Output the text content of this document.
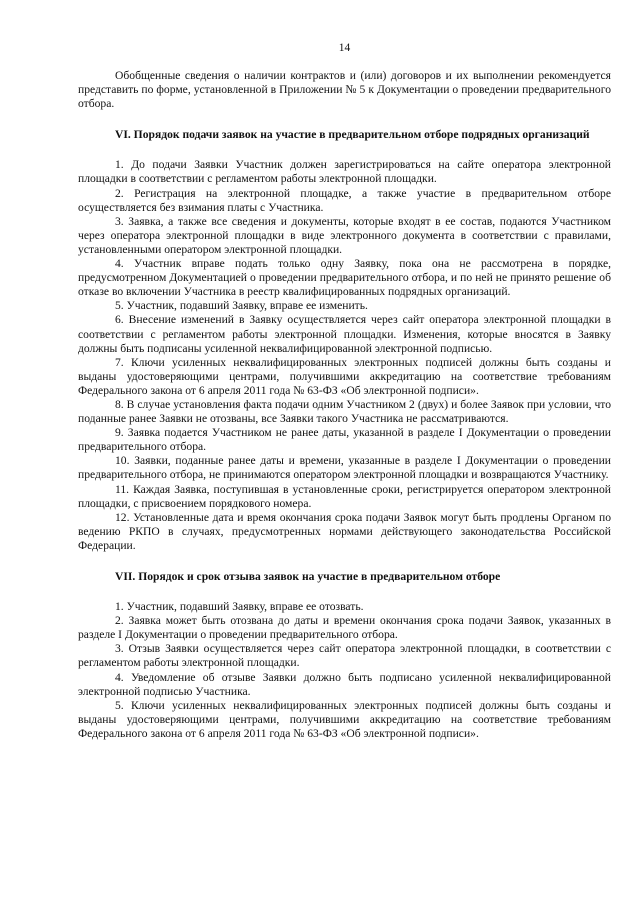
14

Обобщенные сведения о наличии контрактов и (или) договоров и их выполнении рекомендуется представить по форме, установленной в Приложении № 5 к Документации о проведении предварительного отбора.

VI. Порядок подачи заявок на участие в предварительном отборе подрядных организаций

1. До подачи Заявки Участник должен зарегистрироваться на сайте оператора электронной площадки в соответствии с регламентом работы электронной площадки.

2. Регистрация на электронной площадке, а также участие в предварительном отборе осуществляется без взимания платы с Участника.

3. Заявка, а также все сведения и документы, которые входят в ее состав, подаются Участником через оператора электронной площадки в виде электронного документа в соответствии с правилами, установленными оператором электронной площадки.

4. Участник вправе подать только одну Заявку, пока она не рассмотрена в порядке, предусмотренном Документацией о проведении предварительного отбора, и по ней не принято решение об отказе во включении Участника в реестр квалифицированных подрядных организаций.

5. Участник, подавший Заявку, вправе ее изменить.

6. Внесение изменений в Заявку осуществляется через сайт оператора электронной площадки в соответствии с регламентом работы электронной площадки. Изменения, которые вносятся в Заявку должны быть подписаны усиленной неквалифицированной электронной подписью.

7. Ключи усиленных неквалифицированных электронных подписей должны быть созданы и выданы удостоверяющими центрами, получившими аккредитацию на соответствие требованиям Федерального закона от 6 апреля 2011 года № 63-ФЗ «Об электронной подписи».

8. В случае установления факта подачи одним Участником 2 (двух) и более Заявок при условии, что поданные ранее Заявки не отозваны, все Заявки такого Участника не рассматриваются.

9. Заявка подается Участником не ранее даты, указанной в разделе I Документации о проведении предварительного отбора.

10. Заявки, поданные ранее даты и времени, указанные в разделе I Документации о проведении предварительного отбора, не принимаются оператором электронной площадки и возвращаются Участнику.

11. Каждая Заявка, поступившая в установленные сроки, регистрируется оператором электронной площадки, с присвоением порядкового номера.

12. Установленные дата и время окончания срока подачи Заявок могут быть продлены Органом по ведению РКПО в случаях, предусмотренных нормами действующего законодательства Российской Федерации.

VII. Порядок и срок отзыва заявок на участие в предварительном отборе

1. Участник, подавший Заявку, вправе ее отозвать.

2. Заявка может быть отозвана до даты и времени окончания срока подачи Заявок, указанных в разделе I Документации о проведении предварительного отбора.

3. Отзыв Заявки осуществляется через сайт оператора электронной площадки, в соответствии с регламентом работы электронной площадки.

4. Уведомление об отзыве Заявки должно быть подписано усиленной неквалифицированной электронной подписью Участника.

5. Ключи усиленных неквалифицированных электронных подписей должны быть созданы и выданы удостоверяющими центрами, получившими аккредитацию на соответствие требованиям Федерального закона от 6 апреля 2011 года № 63-ФЗ «Об электронной подписи».
